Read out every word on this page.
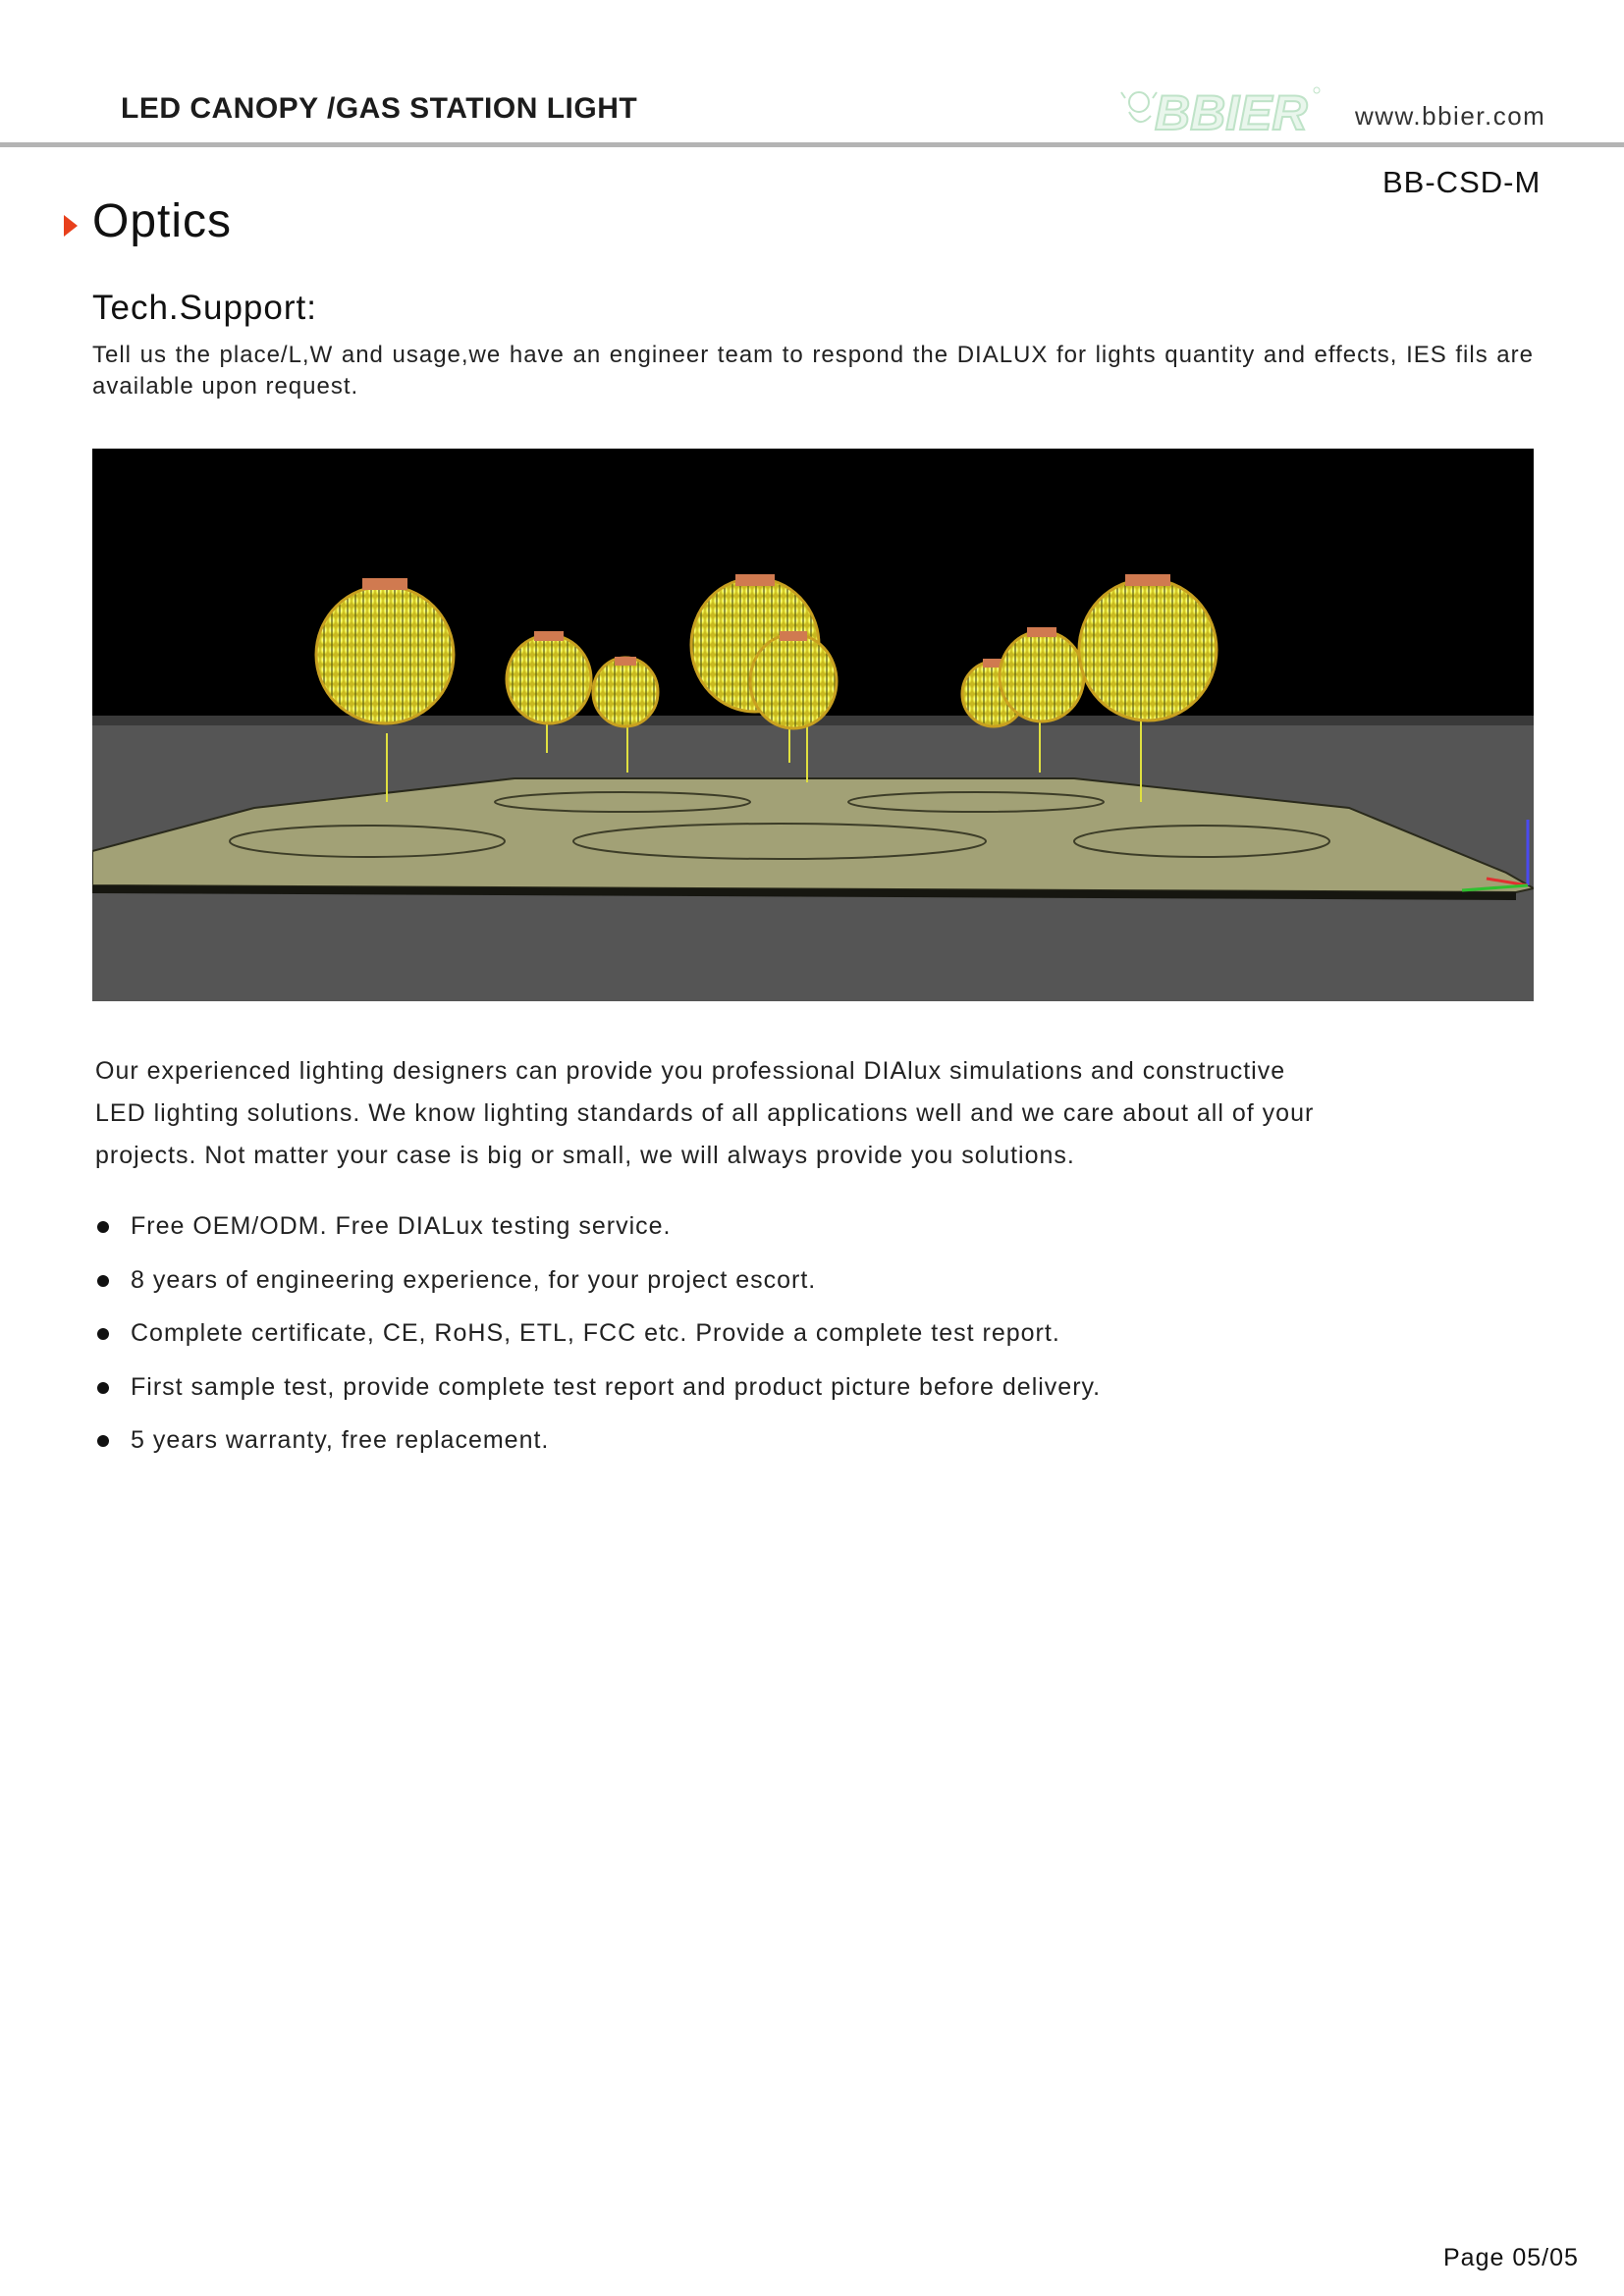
LED CANOPY /GAS STATION LIGHT	BBIER www.bbier.com
BB-CSD-M
Optics
Tech.Support:
Tell us the place/L,W and usage,we have an engineer team to respond the DIALUX for lights quantity and effects, IES fils are available upon request.
Our experienced lighting designers can provide you professional DIAlux simulations and constructive
LED lighting solutions. We know lighting standards of all applications well and we care about all of your
projects. Not matter your case is big or small, we will always provide you solutions.
Free OEM/ODM. Free DIALux testing service.
8 years of engineering experience, for your project escort.
Complete certificate, CE, RoHS, ETL, FCC etc. Provide a complete test report.
First sample test, provide complete test report and product picture before delivery.
5 years warranty, free replacement.
Page 05/05
